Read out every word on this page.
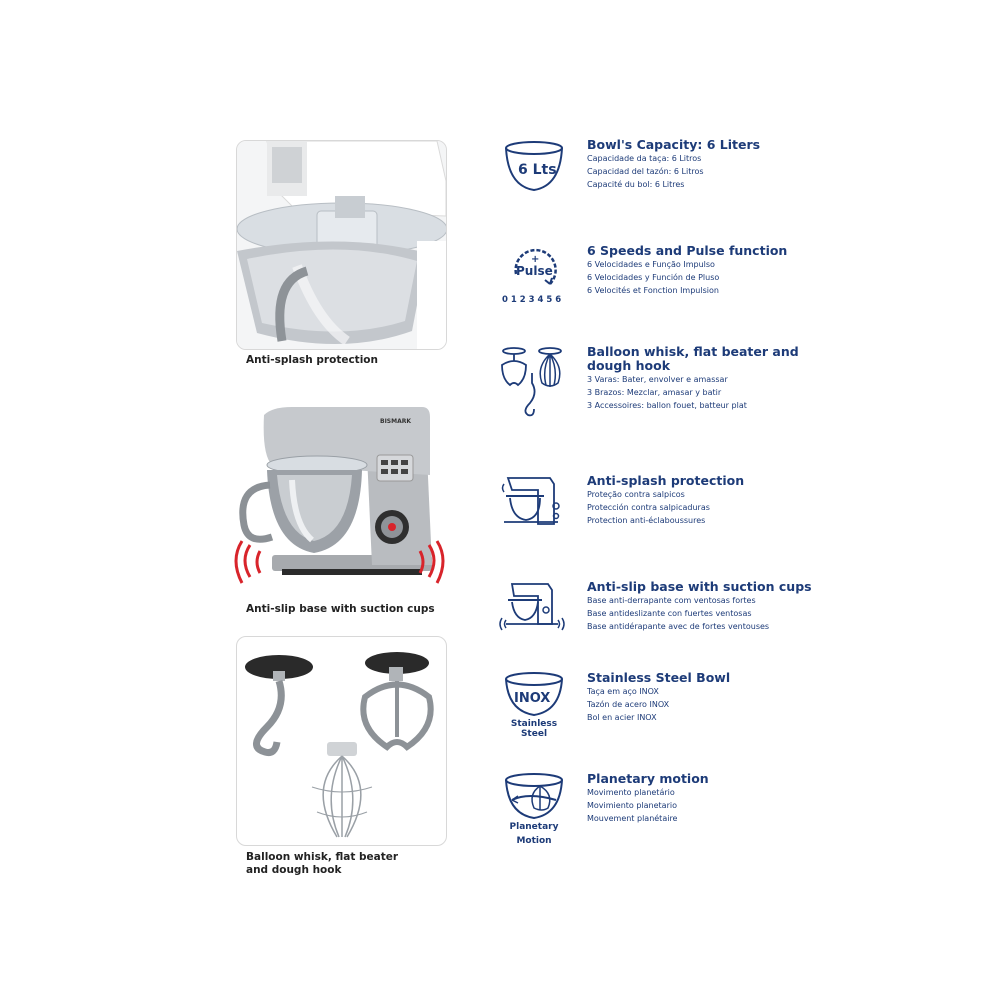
Anti-splash protection
BISMARK
Anti-slip base with suction cups
Balloon whisk, flat beater and dough hook
6 Lts
Bowl's Capacity: 6 Liters
Capacidade da taça: 6 Litros
Capacidad del tazón: 6 Litros
Capacité du bol: 6 Litres
+
Pulse
0 1 2 3 4 5 6
6 Speeds and Pulse function
6 Velocidades e Função Impulso
6 Velocidades y Función de Pluso
6 Velocités et Fonction Impulsion
Balloon whisk, flat beater and dough hook
3 Varas: Bater, envolver e amassar
3 Brazos: Mezclar, amasar y batir
3 Accessoires: ballon fouet, batteur plat
Anti-splash protection
Proteção contra salpicos
Protección contra salpicaduras
Protection anti-éclaboussures
Anti-slip base with suction cups
Base anti-derrapante com ventosas fortes
Base antideslizante con fuertes ventosas
Base antidérapante avec de fortes ventouses
INOX
Stainless Steel
Stainless Steel Bowl
Taça em aço INOX
Tazón de acero INOX
Bol en acier INOX
Planetary
Motion
Planetary motion
Movimento planetário
Movimiento planetario
Mouvement planétaire
